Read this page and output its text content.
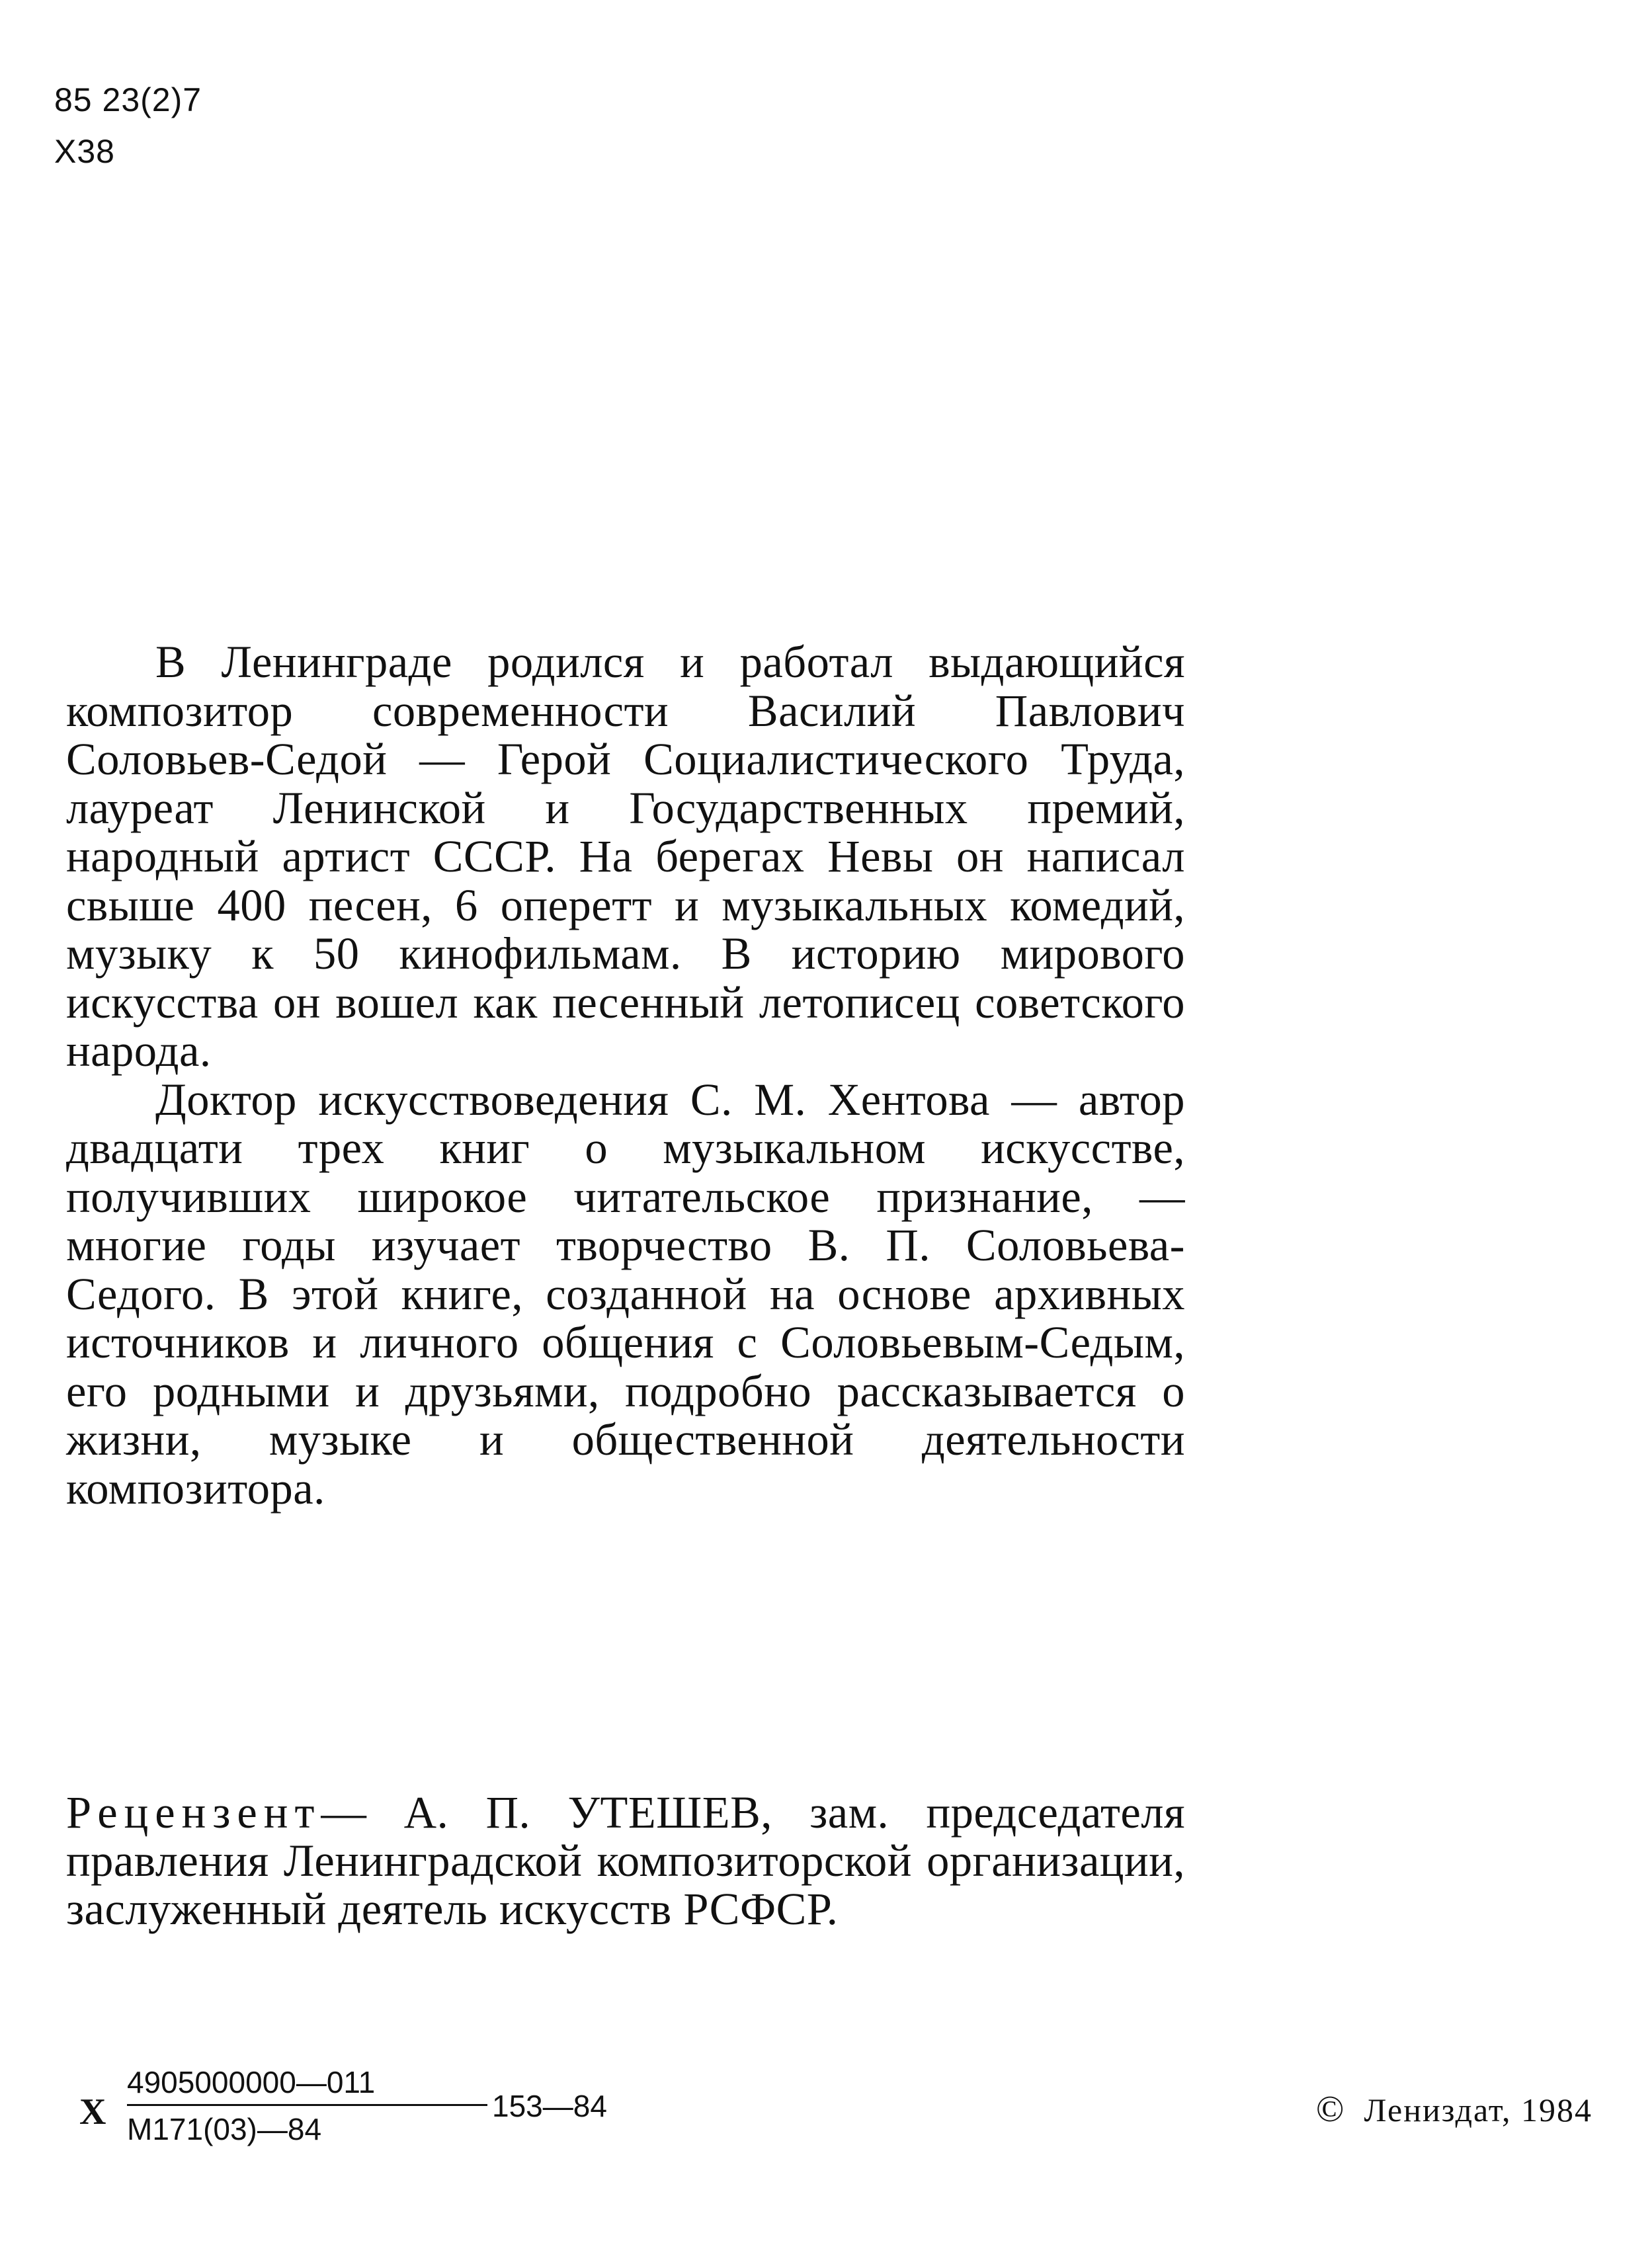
85 23(2)7
Х38

В Ленинграде родился и работал выдающийся композитор современности Василий Павлович Соловьев-Седой — Герой Социалистического Труда, лауреат Ленинской и Государственных премий, народный артист СССР. На берегах Невы он написал свыше 400 песен, 6 оперетт и музыкальных комедий, музыку к 50 кинофильмам. В историю мирового искусства он вошел как песенный летописец советского народа.

Доктор искусствоведения С. М. Хентова — автор двадцати трех книг о музыкальном искусстве, получивших широкое читательское признание, — многие годы изучает творчество В. П. Соловьева-Седого. В этой книге, созданной на основе архивных источников и личного общения с Соловьевым-Седым, его родными и друзьями, подробно рассказывается о жизни, музыке и общественной деятельности композитора.

Рецензент— А. П. УТЕШЕВ, зам. председателя правления Ленинградской композиторской организации, заслуженный деятель искусств РСФСР.
Х
4905000000—011
М171(03)—84
153—84	© Лениздат, 1984
